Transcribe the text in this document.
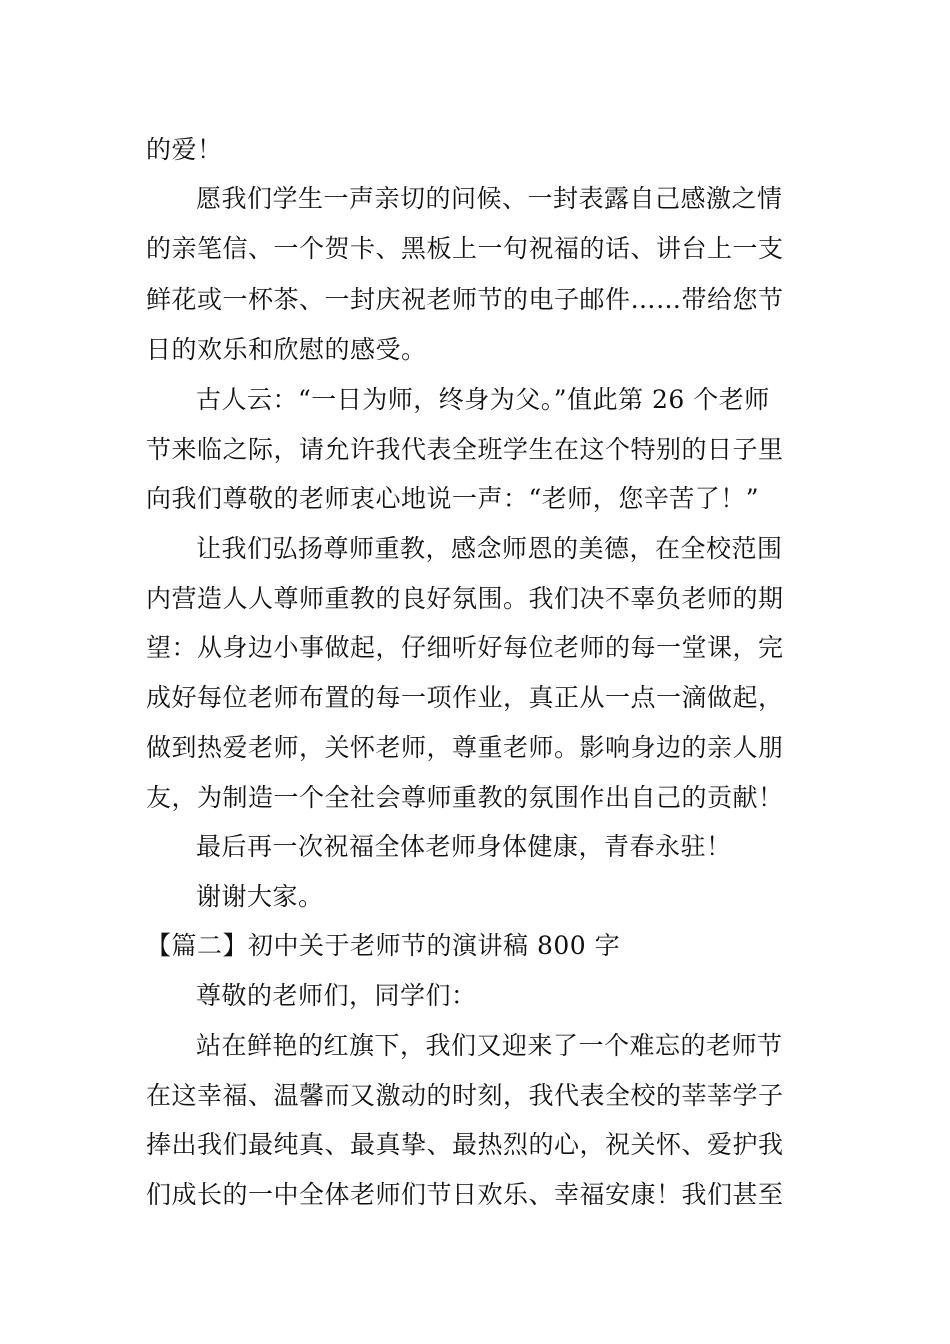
的爱！
愿我们学生一声亲切的问候、一封表露自己感激之情
的亲笔信、一个贺卡、黑板上一句祝福的话、讲台上一支
鲜花或一杯茶、一封庆祝老师节的电子邮件……带给您节
日的欢乐和欣慰的感受。
古人云：“一日为师，终身为父。”值此第 26 个老师
节来临之际，请允许我代表全班学生在这个特别的日子里
向我们尊敬的老师衷心地说一声：“老师，您辛苦了！”
让我们弘扬尊师重教，感念师恩的美德，在全校范围
内营造人人尊师重教的良好氛围。我们决不辜负老师的期
望：从身边小事做起，仔细听好每位老师的每一堂课，完
成好每位老师布置的每一项作业，真正从一点一滴做起，
做到热爱老师，关怀老师，尊重老师。影响身边的亲人朋
友，为制造一个全社会尊师重教的氛围作出自己的贡献！
最后再一次祝福全体老师身体健康，青春永驻！
谢谢大家。
【篇二】初中关于老师节的演讲稿 800 字
尊敬的老师们，同学们：
站在鲜艳的红旗下，我们又迎来了一个难忘的老师节
在这幸福、温馨而又激动的时刻，我代表全校的莘莘学子
捧出我们最纯真、最真挚、最热烈的心，祝关怀、爱护我
们成长的一中全体老师们节日欢乐、幸福安康！我们甚至
